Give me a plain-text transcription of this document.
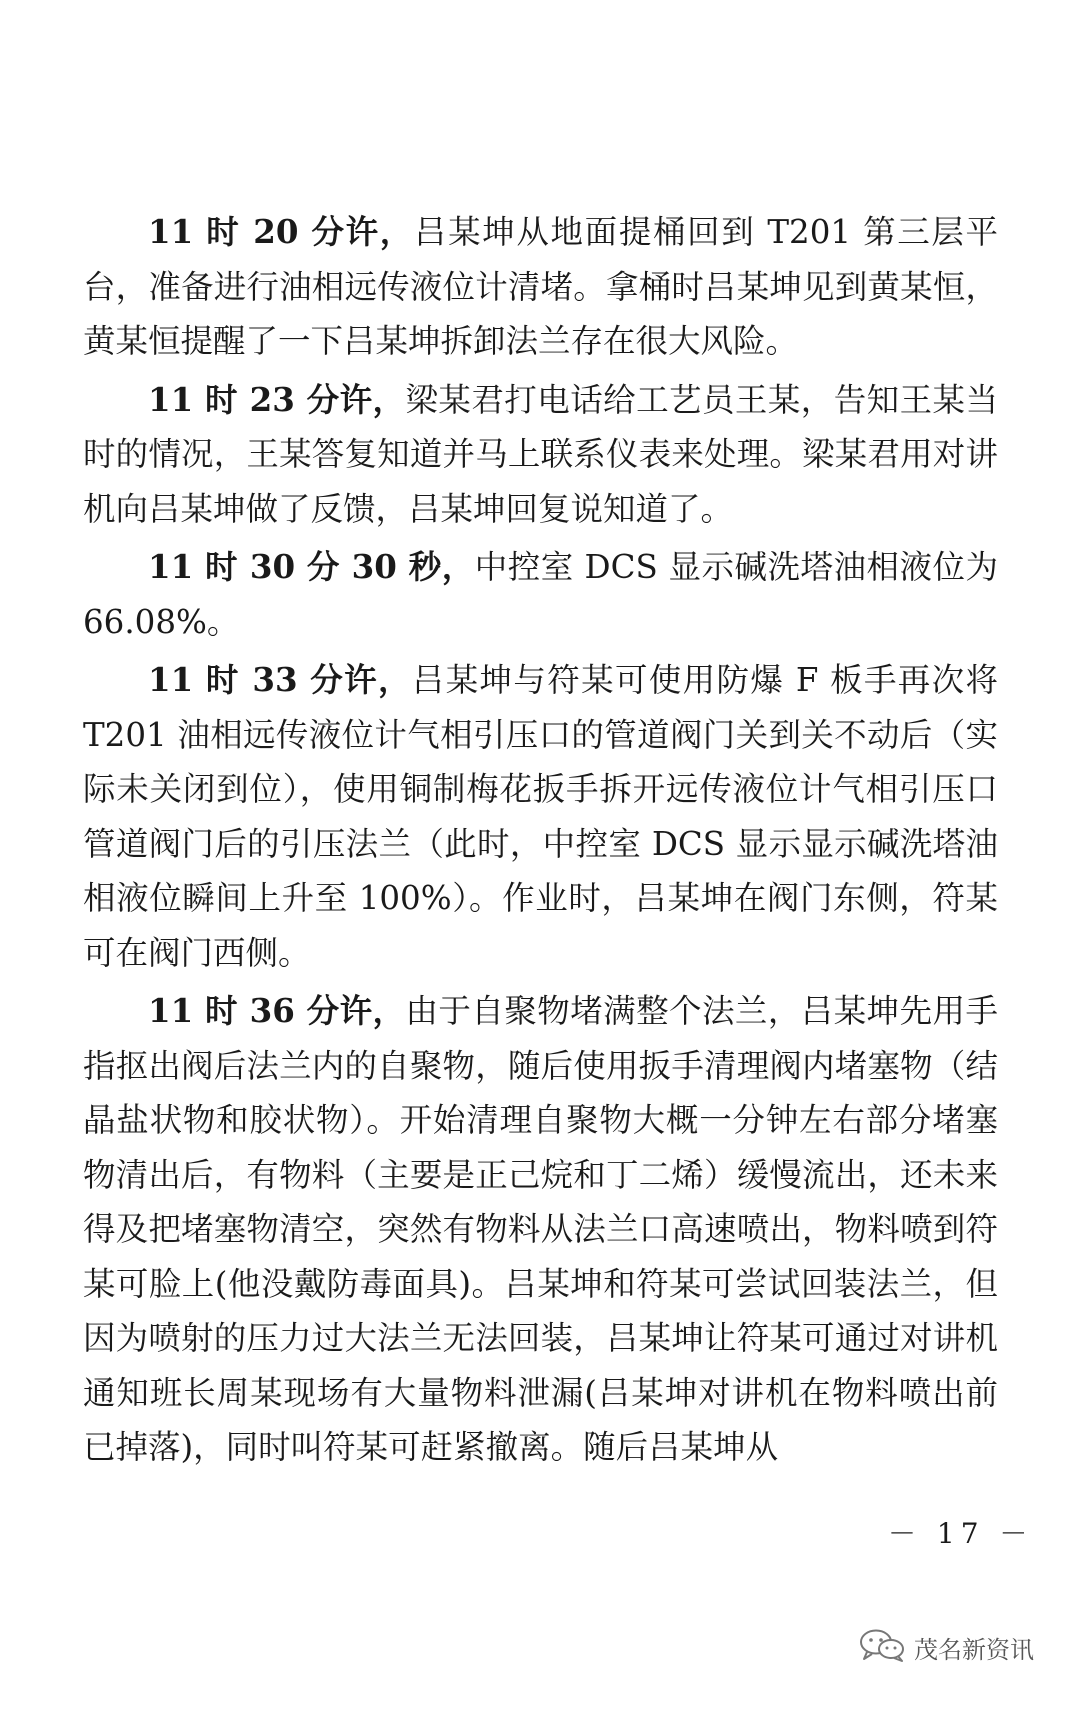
11 时 20 分许，吕某坤从地面提桶回到 T201 第三层平台，准备进行油相远传液位计清堵。拿桶时吕某坤见到黄某恒，黄某恒提醒了一下吕某坤拆卸法兰存在很大风险。

11 时 23 分许，梁某君打电话给工艺员王某，告知王某当时的情况，王某答复知道并马上联系仪表来处理。梁某君用对讲机向吕某坤做了反馈，吕某坤回复说知道了。

11 时 30 分 30 秒，中控室 DCS 显示碱洗塔油相液位为 66.08%。

11 时 33 分许，吕某坤与符某可使用防爆 F 板手再次将 T201 油相远传液位计气相引压口的管道阀门关到关不动后（实际未关闭到位），使用铜制梅花扳手拆开远传液位计气相引压口管道阀门后的引压法兰（此时，中控室 DCS 显示显示碱洗塔油相液位瞬间上升至 100%）。作业时，吕某坤在阀门东侧，符某可在阀门西侧。

11 时 36 分许，由于自聚物堵满整个法兰，吕某坤先用手指抠出阀后法兰内的自聚物，随后使用扳手清理阀内堵塞物（结晶盐状物和胶状物）。开始清理自聚物大概一分钟左右部分堵塞物清出后，有物料（主要是正己烷和丁二烯）缓慢流出，还未来得及把堵塞物清空，突然有物料从法兰口高速喷出，物料喷到符某可脸上(他没戴防毒面具)。吕某坤和符某可尝试回装法兰，但因为喷射的压力过大法兰无法回装，吕某坤让符某可通过对讲机通知班长周某现场有大量物料泄漏(吕某坤对讲机在物料喷出前已掉落)，同时叫符某可赶紧撤离。随后吕某坤从

－ 17 －
茂名新资讯
